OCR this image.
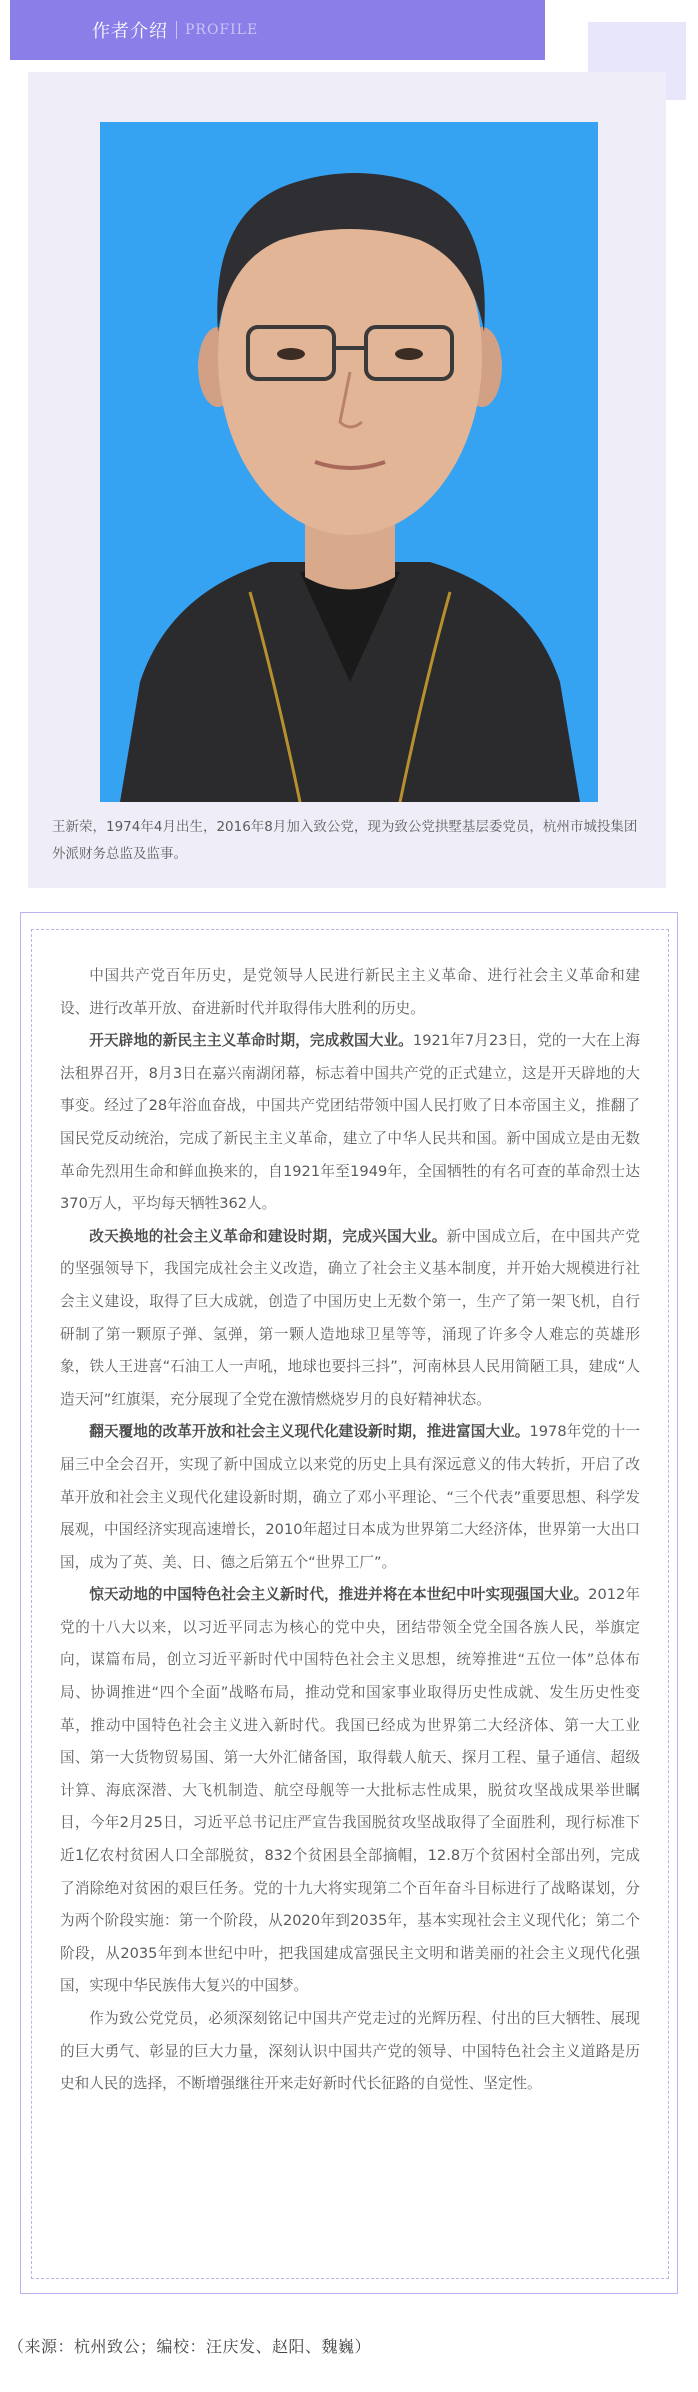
作者介绍 PROFILE

王新荣，1974年4月出生，2016年8月加入致公党，现为致公党拱墅基层委党员，杭州市城投集团外派财务总监及监事。

中国共产党百年历史，是党领导人民进行新民主主义革命、进行社会主义革命和建设、进行改革开放、奋进新时代并取得伟大胜利的历史。

开天辟地的新民主主义革命时期，完成救国大业。1921年7月23日，党的一大在上海法租界召开，8月3日在嘉兴南湖闭幕，标志着中国共产党的正式建立，这是开天辟地的大事变。经过了28年浴血奋战，中国共产党团结带领中国人民打败了日本帝国主义，推翻了国民党反动统治，完成了新民主主义革命，建立了中华人民共和国。新中国成立是由无数革命先烈用生命和鲜血换来的，自1921年至1949年，全国牺牲的有名可查的革命烈士达370万人，平均每天牺牲362人。

改天换地的社会主义革命和建设时期，完成兴国大业。新中国成立后，在中国共产党的坚强领导下，我国完成社会主义改造，确立了社会主义基本制度，并开始大规模进行社会主义建设，取得了巨大成就，创造了中国历史上无数个第一，生产了第一架飞机，自行研制了第一颗原子弹、氢弹，第一颗人造地球卫星等等，涌现了许多令人难忘的英雄形象，铁人王进喜“石油工人一声吼，地球也要抖三抖”，河南林县人民用简陋工具，建成“人造天河”红旗渠，充分展现了全党在激情燃烧岁月的良好精神状态。

翻天覆地的改革开放和社会主义现代化建设新时期，推进富国大业。1978年党的十一届三中全会召开，实现了新中国成立以来党的历史上具有深远意义的伟大转折，开启了改革开放和社会主义现代化建设新时期，确立了邓小平理论、“三个代表”重要思想、科学发展观，中国经济实现高速增长，2010年超过日本成为世界第二大经济体，世界第一大出口国，成为了英、美、日、德之后第五个“世界工厂”。

惊天动地的中国特色社会主义新时代，推进并将在本世纪中叶实现强国大业。2012年党的十八大以来，以习近平同志为核心的党中央，团结带领全党全国各族人民，举旗定向，谋篇布局，创立习近平新时代中国特色社会主义思想，统筹推进“五位一体”总体布局、协调推进“四个全面”战略布局，推动党和国家事业取得历史性成就、发生历史性变革，推动中国特色社会主义进入新时代。我国已经成为世界第二大经济体、第一大工业国、第一大货物贸易国、第一大外汇储备国，取得载人航天、探月工程、量子通信、超级计算、海底深潜、大飞机制造、航空母舰等一大批标志性成果，脱贫攻坚战成果举世瞩目，今年2月25日，习近平总书记庄严宣告我国脱贫攻坚战取得了全面胜利，现行标准下近1亿农村贫困人口全部脱贫，832个贫困县全部摘帽，12.8万个贫困村全部出列，完成了消除绝对贫困的艰巨任务。党的十九大将实现第二个百年奋斗目标进行了战略谋划，分为两个阶段实施：第一个阶段，从2020年到2035年，基本实现社会主义现代化；第二个阶段，从2035年到本世纪中叶，把我国建成富强民主文明和谐美丽的社会主义现代化强国，实现中华民族伟大复兴的中国梦。

作为致公党党员，必须深刻铭记中国共产党走过的光辉历程、付出的巨大牺牲、展现的巨大勇气、彰显的巨大力量，深刻认识中国共产党的领导、中国特色社会主义道路是历史和人民的选择，不断增强继往开来走好新时代长征路的自觉性、坚定性。

（来源：杭州致公；编校：汪庆发、赵阳、魏巍）
